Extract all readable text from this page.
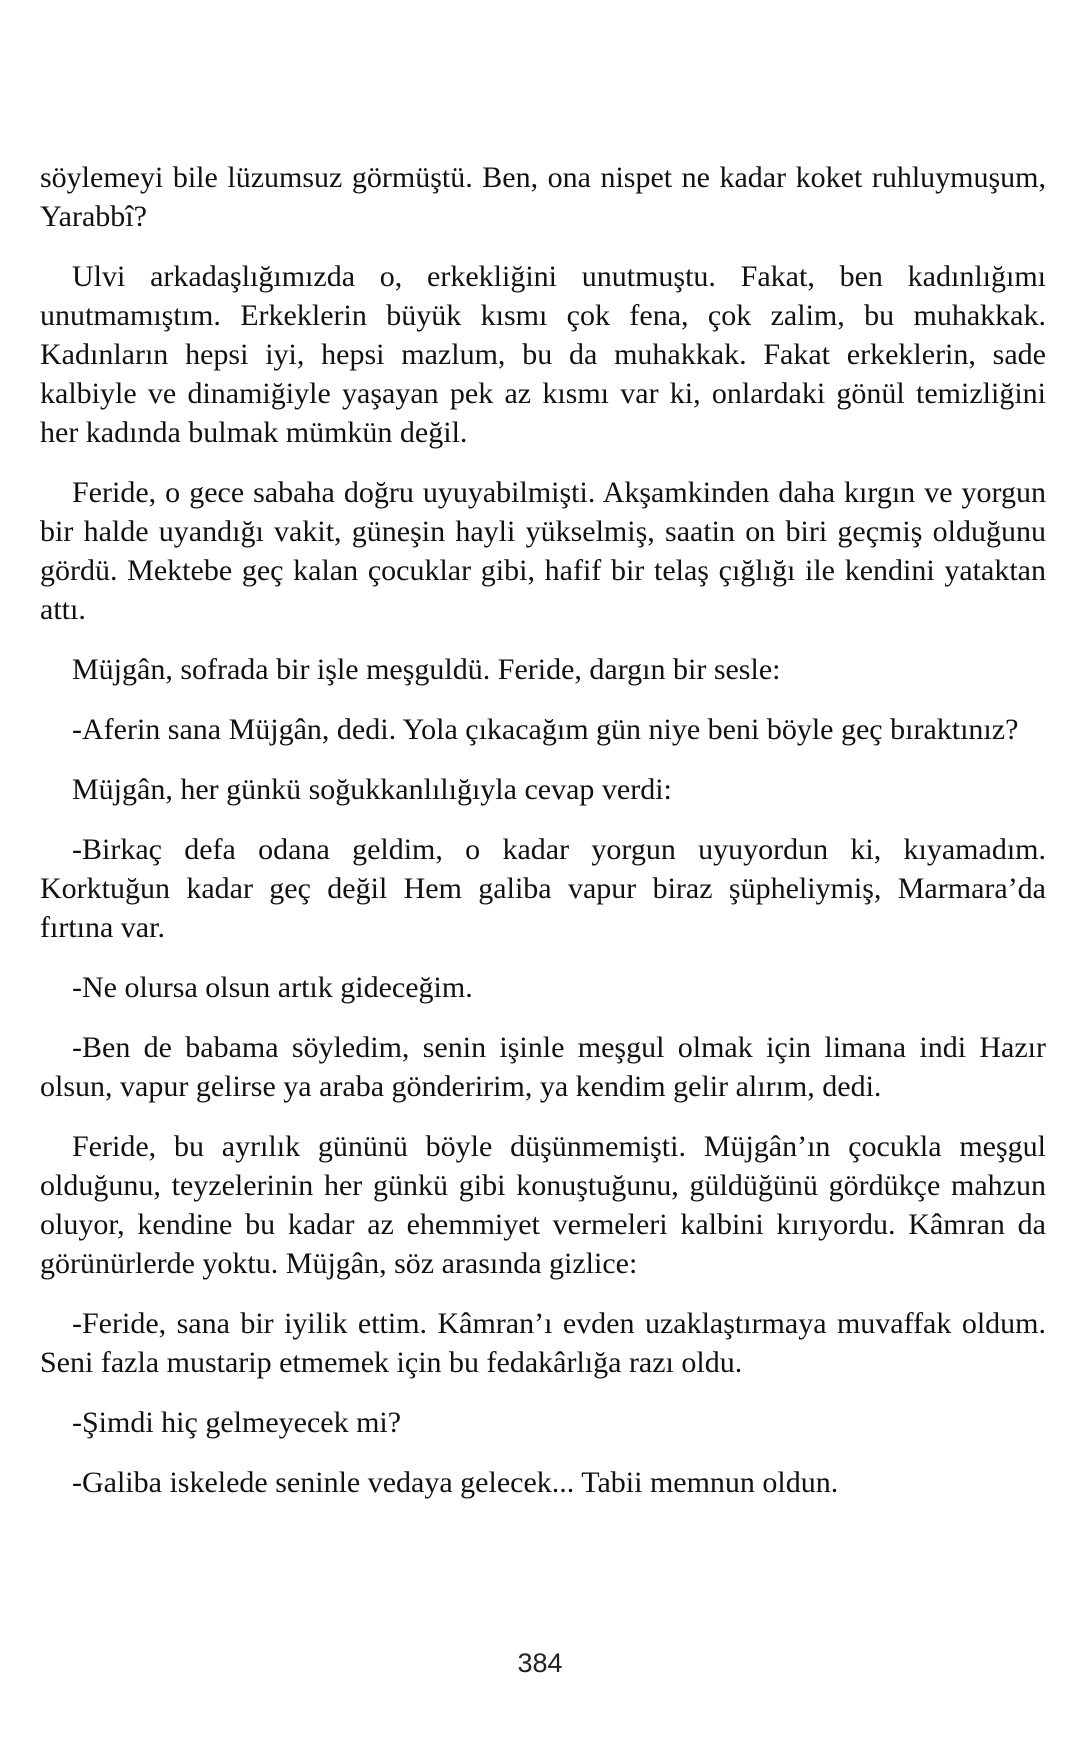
söylemeyi bile lüzumsuz görmüştü. Ben, ona nispet ne kadar koket ruhluymuşum, Yarabbî?

Ulvi arkadaşlığımızda o, erkekliğini unutmuştu. Fakat, ben kadınlığımı unutmamıştım. Erkeklerin büyük kısmı çok fena, çok zalim, bu muhakkak. Kadınların hepsi iyi, hepsi mazlum, bu da muhakkak. Fakat erkeklerin, sade kalbiyle ve dinamiğiyle yaşayan pek az kısmı var ki, onlardaki gönül temizliğini her kadında bulmak mümkün değil.

Feride, o gece sabaha doğru uyuyabilmişti. Akşamkinden daha kırgın ve yorgun bir halde uyandığı vakit, güneşin hayli yükselmiş, saatin on biri geçmiş olduğunu gördü. Mektebe geç kalan çocuklar gibi, hafif bir telaş çığlığı ile kendini yataktan attı.

Müjgân, sofrada bir işle meşguldü. Feride, dargın bir sesle:

-Aferin sana Müjgân, dedi. Yola çıkacağım gün niye beni böyle geç bıraktınız?

Müjgân, her günkü soğukkanlılığıyla cevap verdi:

-Birkaç defa odana geldim, o kadar yorgun uyuyordun ki, kıyamadım. Korktuğun kadar geç değil Hem galiba vapur biraz şüpheliymiş, Marmara’da fırtına var.

-Ne olursa olsun artık gideceğim.

-Ben de babama söyledim, senin işinle meşgul olmak için limana indi Hazır olsun, vapur gelirse ya araba gönderirim, ya kendim gelir alırım, dedi.

Feride, bu ayrılık gününü böyle düşünmemişti. Müjgân’ın çocukla meşgul olduğunu, teyzelerinin her günkü gibi konuştuğunu, güldüğünü gördükçe mahzun oluyor, kendine bu kadar az ehemmiyet vermeleri kalbini kırıyordu. Kâmran da görünürlerde yoktu. Müjgân, söz arasında gizlice:

-Feride, sana bir iyilik ettim. Kâmran’ı evden uzaklaştırmaya muvaffak oldum. Seni fazla mustarip etmemek için bu fedakârlığa razı oldu.

-Şimdi hiç gelmeyecek mi?

-Galiba iskelede seninle vedaya gelecek... Tabii memnun oldun.

384
